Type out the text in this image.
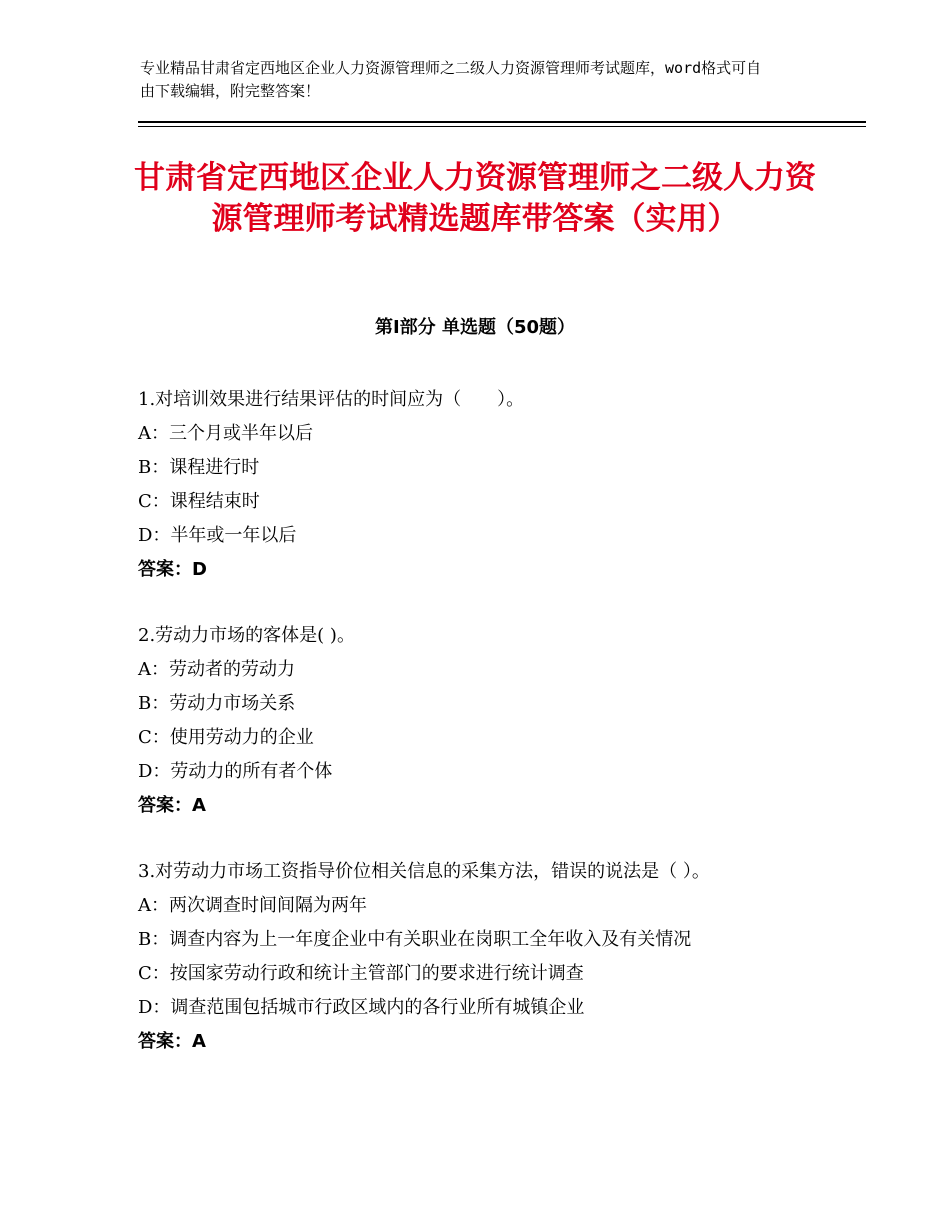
专业精品甘肃省定西地区企业人力资源管理师之二级人力资源管理师考试题库，word格式可自由下载编辑，附完整答案！
甘肃省定西地区企业人力资源管理师之二级人力资源管理师考试精选题库带答案（实用）
第Ⅰ部分 单选题（50题）
1.对培训效果进行结果评估的时间应为（　　）。
A：三个月或半年以后
B：课程进行时
C：课程结束时
D：半年或一年以后
答案：D
2.劳动力市场的客体是( )。
A：劳动者的劳动力
B：劳动力市场关系
C：使用劳动力的企业
D：劳动力的所有者个体
答案：A
3.对劳动力市场工资指导价位相关信息的采集方法，错误的说法是（ ）。
A：两次调查时间间隔为两年
B：调查内容为上一年度企业中有关职业在岗职工全年收入及有关情况
C：按国家劳动行政和统计主管部门的要求进行统计调查
D：调查范围包括城市行政区域内的各行业所有城镇企业
答案：A
